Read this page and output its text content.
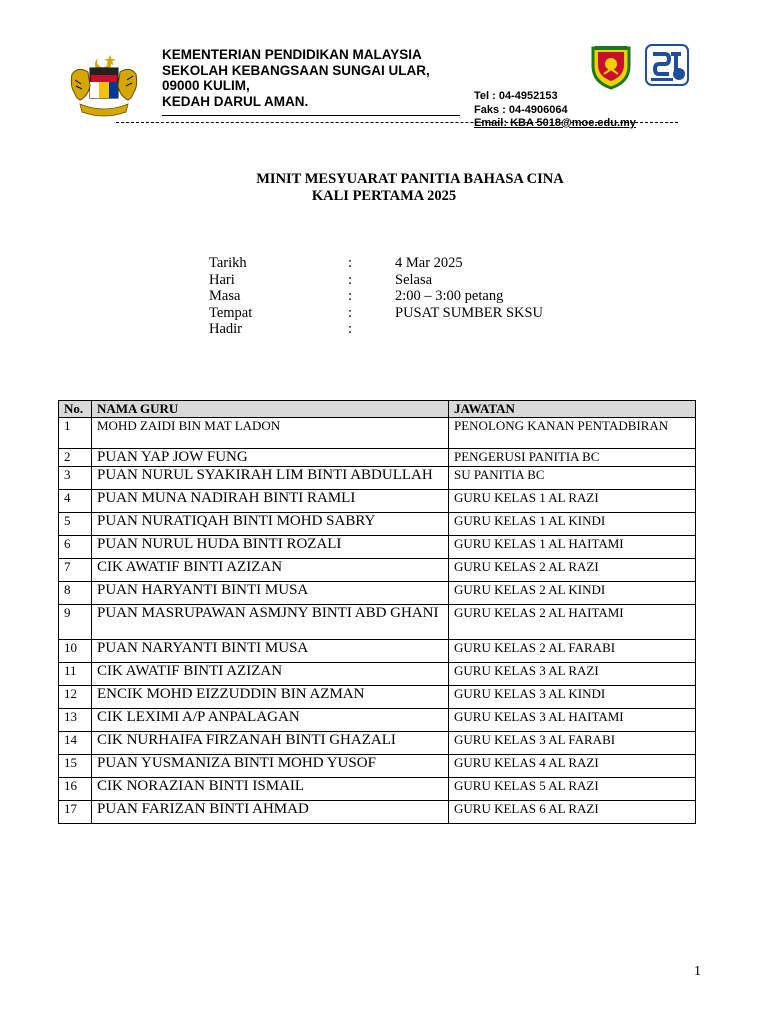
KEMENTERIAN PENDIDIKAN MALAYSIA
SEKOLAH KEBANGSAAN SUNGAI ULAR,
09000 KULIM,
KEDAH DARUL AMAN.	Tel : 04-4952153
Faks : 04-4906064
Email: KBA 5018@moe.edu.my
MINIT MESYUARAT PANITIA BAHASA CINA
KALI PERTAMA 2025
Tarikh	:	4 Mar 2025
Hari	:	Selasa
Masa	:	2:00 – 3:00 petang
Tempat	:	PUSAT SUMBER SKSU
Hadir	:
No.	NAMA GURU	JAWATAN
1	MOHD ZAIDI BIN MAT LADON	PENOLONG KANAN PENTADBIRAN
2	PUAN YAP JOW FUNG	PENGERUSI PANITIA BC
3	PUAN NURUL SYAKIRAH LIM BINTI ABDULLAH	SU PANITIA BC
4	PUAN MUNA NADIRAH BINTI RAMLI	GURU KELAS 1 AL RAZI
5	PUAN NURATIQAH BINTI MOHD SABRY	GURU KELAS 1 AL KINDI
6	PUAN NURUL HUDA BINTI ROZALI	GURU KELAS 1 AL HAITAMI
7	CIK AWATIF BINTI AZIZAN	GURU KELAS 2 AL RAZI
8	PUAN HARYANTI BINTI MUSA	GURU KELAS 2 AL KINDI
9	PUAN MASRUPAWAN ASMJNY BINTI ABD GHANI	GURU KELAS 2 AL HAITAMI
10	PUAN NARYANTI BINTI MUSA	GURU KELAS 2 AL FARABI
11	CIK AWATIF BINTI AZIZAN	GURU KELAS 3 AL RAZI
12	ENCIK MOHD EIZZUDDIN BIN AZMAN	GURU KELAS 3 AL KINDI
13	CIK LEXIMI A/P ANPALAGAN	GURU KELAS 3 AL HAITAMI
14	CIK NURHAIFA FIRZANAH BINTI GHAZALI	GURU KELAS 3 AL FARABI
15	PUAN YUSMANIZA BINTI MOHD YUSOF	GURU KELAS 4 AL RAZI
16	CIK NORAZIAN BINTI ISMAIL	GURU KELAS 5 AL RAZI
17	PUAN FARIZAN BINTI AHMAD	GURU KELAS 6 AL RAZI
1
